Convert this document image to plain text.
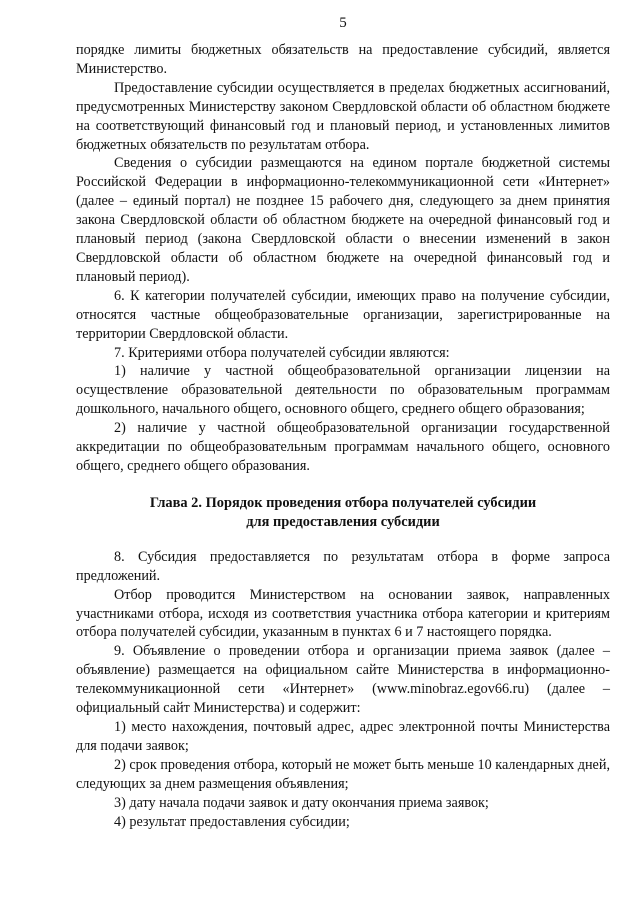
5

порядке лимиты бюджетных обязательств на предоставление субсидий, является Министерство.

Предоставление субсидии осуществляется в пределах бюджетных ассигнований, предусмотренных Министерству законом Свердловской области об областном бюджете на соответствующий финансовый год и плановый период, и установленных лимитов бюджетных обязательств по результатам отбора.

Сведения о субсидии размещаются на едином портале бюджетной системы Российской Федерации в информационно-телекоммуникационной сети «Интернет» (далее – единый портал) не позднее 15 рабочего дня, следующего за днем принятия закона Свердловской области об областном бюджете на очередной финансовый год и плановый период (закона Свердловской области о внесении изменений в закон Свердловской области об областном бюджете на очередной финансовый год и плановый период).

6. К категории получателей субсидии, имеющих право на получение субсидии, относятся частные общеобразовательные организации, зарегистрированные на территории Свердловской области.

7. Критериями отбора получателей субсидии являются:

1) наличие у частной общеобразовательной организации лицензии на осуществление образовательной деятельности по образовательным программам дошкольного, начального общего, основного общего, среднего общего образования;

2) наличие у частной общеобразовательной организации государственной аккредитации по общеобразовательным программам начального общего, основного общего, среднего общего образования.

Глава 2. Порядок проведения отбора получателей субсидии

для предоставления субсидии

8. Субсидия предоставляется по результатам отбора в форме запроса предложений.

Отбор проводится Министерством на основании заявок, направленных участниками отбора, исходя из соответствия участника отбора категории и критериям отбора получателей субсидии, указанным в пунктах 6 и 7 настоящего порядка.

9. Объявление о проведении отбора и организации приема заявок (далее – объявление) размещается на официальном сайте Министерства в информационно-телекоммуникационной сети «Интернет» (www.minobraz.egov66.ru) (далее – официальный сайт Министерства) и содержит:

1) место нахождения, почтовый адрес, адрес электронной почты Министерства для подачи заявок;

2) срок проведения отбора, который не может быть меньше 10 календарных дней, следующих за днем размещения объявления;

3) дату начала подачи заявок и дату окончания приема заявок;

4) результат предоставления субсидии;
